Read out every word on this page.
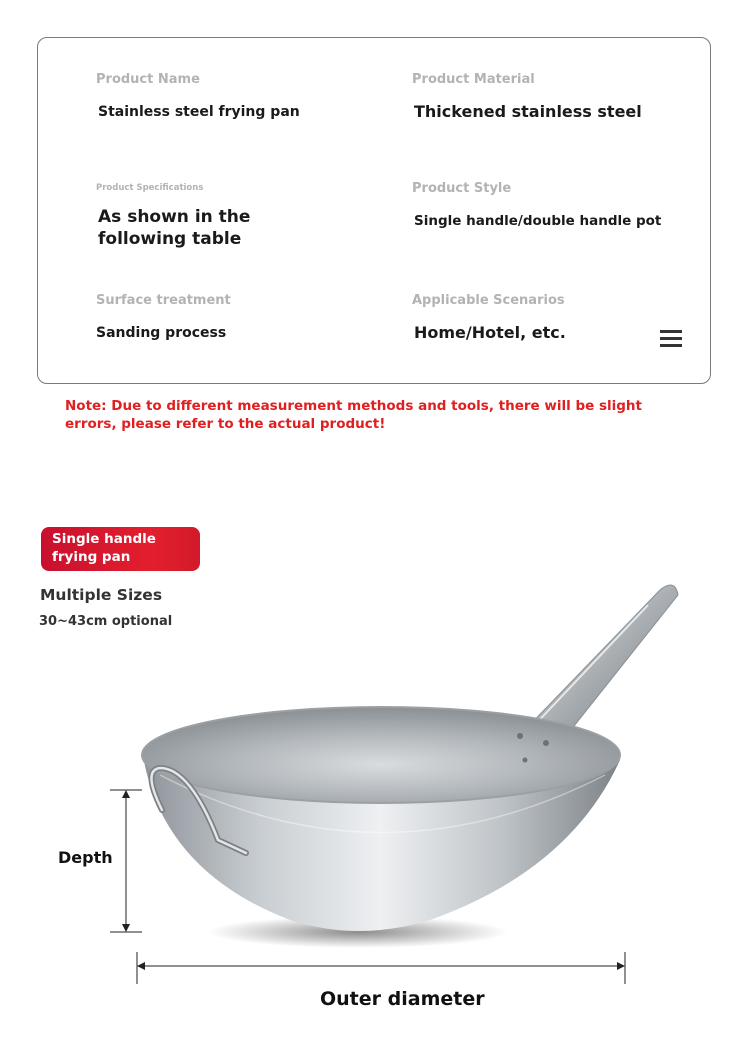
Product Name
Stainless steel frying pan
Product Material
Thickened stainless steel
Product Specifications
As shown in the
following table
Product Style
Single handle/double handle pot
Surface treatment
Sanding process
Applicable Scenarios
Home/Hotel, etc.
Note: Due to different measurement methods and tools, there will be slight
errors, please refer to the actual product!
Single handle
frying pan
Multiple Sizes
30~43cm optional
Depth
Outer diameter
